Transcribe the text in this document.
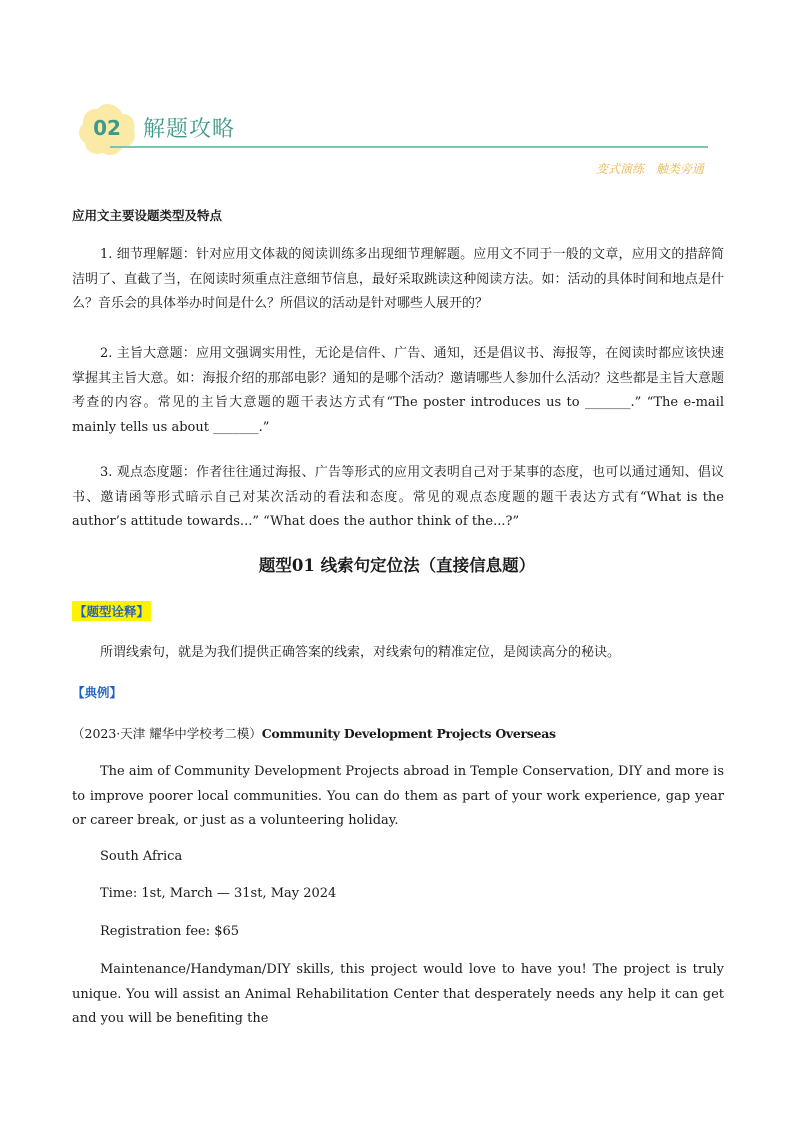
02 解题攻略
变式演练 触类旁通
应用文主要设题类型及特点
1. 细节理解题：针对应用文体裁的阅读训练多出现细节理解题。应用文不同于一般的文章，应用文的措辞简洁明了、直截了当，在阅读时须重点注意细节信息，最好采取跳读这种阅读方法。如：活动的具体时间和地点是什么？音乐会的具体举办时间是什么？所倡议的活动是针对哪些人展开的？
2. 主旨大意题：应用文强调实用性，无论是信件、广告、通知，还是倡议书、海报等，在阅读时都应该快速掌握其主旨大意。如：海报介绍的那部电影？通知的是哪个活动？邀请哪些人参加什么活动？这些都是主旨大意题考查的内容。常见的主旨大意题的题干表达方式有“The poster introduces us to _______.” “The e-mail mainly tells us about _______.”
3. 观点态度题：作者往往通过海报、广告等形式的应用文表明自己对于某事的态度，也可以通过通知、倡议书、邀请函等形式暗示自己对某次活动的看法和态度。常见的观点态度题的题干表达方式有“What is the author’s attitude towards...” “What does the author think of the...?”
题型01 线索句定位法（直接信息题）
【题型诠释】
所谓线索句，就是为我们提供正确答案的线索，对线索句的精准定位，是阅读高分的秘诀。
【典例】
（2023·天津 耀华中学校考二模）Community Development Projects Overseas
The aim of Community Development Projects abroad in Temple Conservation, DIY and more is to improve poorer local communities. You can do them as part of your work experience, gap year or career break, or just as a volunteering holiday.
South Africa
Time: 1st, March — 31st, May 2024
Registration fee: $65
Maintenance/Handyman/DIY skills, this project would love to have you! The project is truly unique. You will assist an Animal Rehabilitation Center that desperately needs any help it can get and you will be benefiting the
